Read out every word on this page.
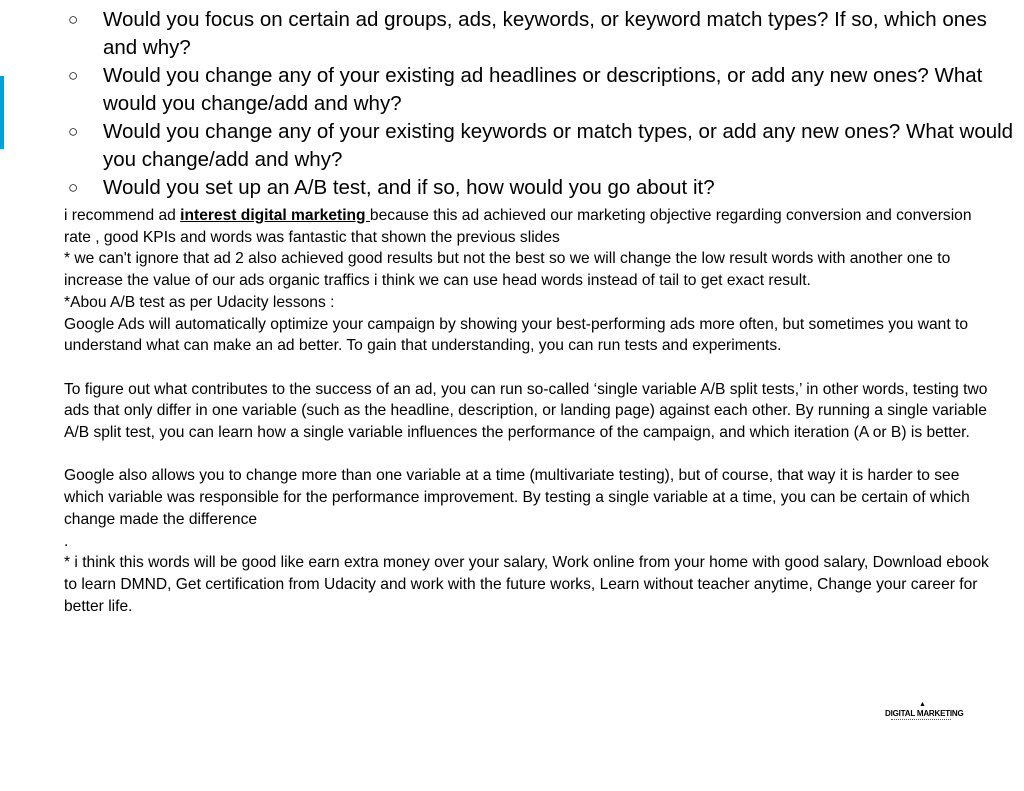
○ Would you focus on certain ad groups, ads, keywords, or keyword match types? If so, which ones and why?
○ Would you change any of your existing ad headlines or descriptions, or add any new ones? What would you change/add and why?
○ Would you change any of your existing keywords or match types, or add any new ones? What would you change/add and why?
○ Would you set up an A/B test, and if so, how would you go about it?

i recommend ad interest digital marketing because this ad achieved our marketing objective regarding conversion and conversion rate , good KPIs and words was fantastic that shown the previous slides

* we can't ignore that ad 2 also achieved good results but not the best so we will change the low result words with another one to increase the value of our ads organic traffics i think we can use head words instead of tail to get exact result.

*Abou A/B test as per Udacity lessons :

Google Ads will automatically optimize your campaign by showing your best-performing ads more often, but sometimes you want to understand what can make an ad better. To gain that understanding, you can run tests and experiments.

To figure out what contributes to the success of an ad, you can run so-called ‘single variable A/B split tests,’ in other words, testing two ads that only differ in one variable (such as the headline, description, or landing page) against each other. By running a single variable A/B split test, you can learn how a single variable influences the performance of the campaign, and which iteration (A or B) is better.

Google also allows you to change more than one variable at a time (multivariate testing), but of course, that way it is harder to see which variable was responsible for the performance improvement. By testing a single variable at a time, you can be certain of which change made the difference

.

* i think this words will be good like earn extra money over your salary, Work online from your home with good salary, Download ebook to learn DMND, Get certification from Udacity and work with the future works, Learn without teacher anytime, Change your career for better life.

▲
DIGITAL MARKETING
